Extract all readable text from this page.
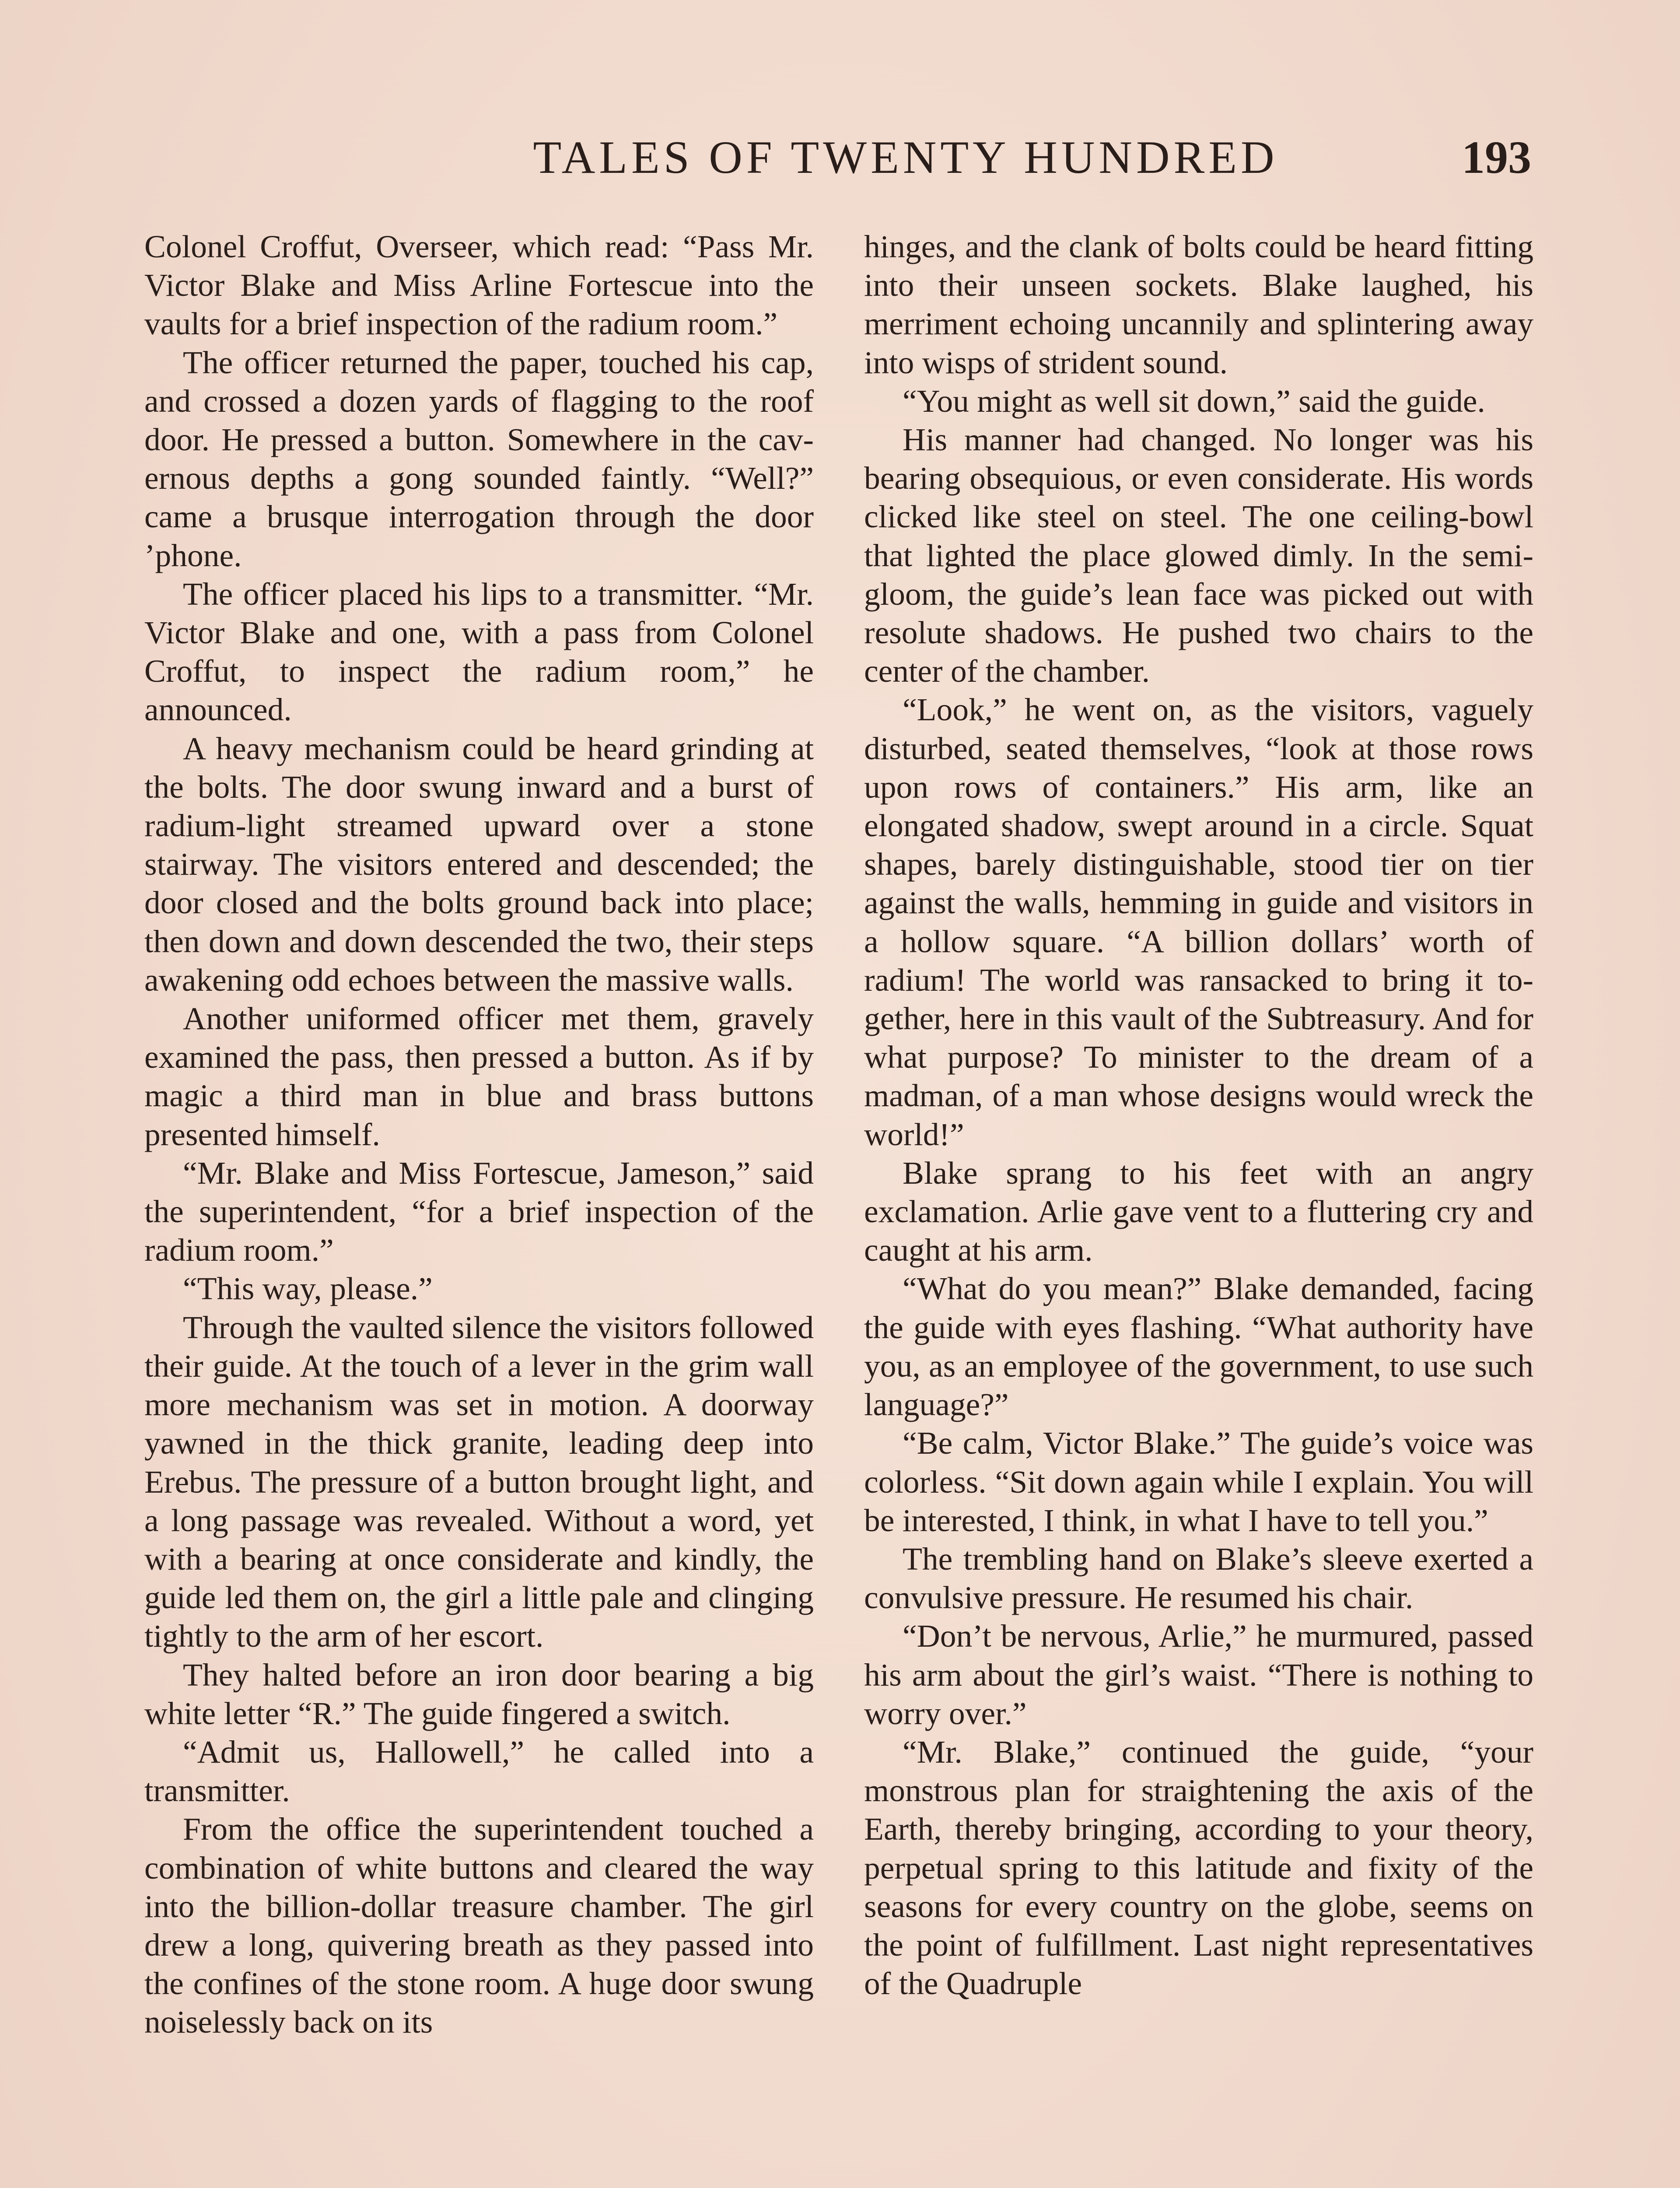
TALES OF TWENTY HUNDRED	193

Colonel Croffut, Overseer, which read: “Pass Mr. Victor Blake and Miss Arline Fortescue into the vaults for a brief inspection of the radium room.”

The officer returned the paper, touched his cap, and crossed a dozen yards of flagging to the roof door. He pressed a button. Somewhere in the cavernous depths a gong sounded faintly. “Well?” came a brusque interrogation through the door ’phone.

The officer placed his lips to a transmitter. “Mr. Victor Blake and one, with a pass from Colonel Croffut, to inspect the radium room,” he announced.

A heavy mechanism could be heard grinding at the bolts. The door swung inward and a burst of radium-light streamed upward over a stone stairway. The visitors entered and descended; the door closed and the bolts ground back into place; then down and down descended the two, their steps awakening odd echoes between the massive walls.

Another uniformed officer met them, gravely examined the pass, then pressed a button. As if by magic a third man in blue and brass buttons presented himself.

“Mr. Blake and Miss Fortescue, Jameson,” said the superintendent, “for a brief inspection of the radium room.”

“This way, please.”

Through the vaulted silence the visitors followed their guide. At the touch of a lever in the grim wall more mechanism was set in motion. A doorway yawned in the thick granite, leading deep into Erebus. The pressure of a button brought light, and a long passage was revealed. Without a word, yet with a bearing at once considerate and kindly, the guide led them on, the girl a little pale and clinging tightly to the arm of her escort.

They halted before an iron door bearing a big white letter “R.” The guide fingered a switch.

“Admit us, Hallowell,” he called into a transmitter.

From the office the superintendent touched a combination of white buttons and cleared the way into the billion-dollar treasure chamber. The girl drew a long, quivering breath as they passed into the confines of the stone room. A huge door swung noiselessly back on its

hinges, and the clank of bolts could be heard fitting into their unseen sockets. Blake laughed, his merriment echoing uncannily and splintering away into wisps of strident sound.

“You might as well sit down,” said the guide.

His manner had changed. No longer was his bearing obsequious, or even considerate. His words clicked like steel on steel. The one ceiling-bowl that lighted the place glowed dimly. In the semi-gloom, the guide’s lean face was picked out with resolute shadows. He pushed two chairs to the center of the chamber.

“Look,” he went on, as the visitors, vaguely disturbed, seated themselves, “look at those rows upon rows of containers.” His arm, like an elongated shadow, swept around in a circle. Squat shapes, barely distinguishable, stood tier on tier against the walls, hemming in guide and visitors in a hollow square. “A billion dollars’ worth of radium! The world was ransacked to bring it together, here in this vault of the Subtreasury. And for what purpose? To minister to the dream of a madman, of a man whose designs would wreck the world!”

Blake sprang to his feet with an angry exclamation. Arlie gave vent to a fluttering cry and caught at his arm.

“What do you mean?” Blake demanded, facing the guide with eyes flashing. “What authority have you, as an employee of the government, to use such language?”

“Be calm, Victor Blake.” The guide’s voice was colorless. “Sit down again while I explain. You will be interested, I think, in what I have to tell you.”

The trembling hand on Blake’s sleeve exerted a convulsive pressure. He resumed his chair.

“Don’t be nervous, Arlie,” he murmured, passed his arm about the girl’s waist. “There is nothing to worry over.”

“Mr. Blake,” continued the guide, “your monstrous plan for straightening the axis of the Earth, thereby bringing, according to your theory, perpetual spring to this latitude and fixity of the seasons for every country on the globe, seems on the point of fulfillment. Last night representatives of the Quadruple
